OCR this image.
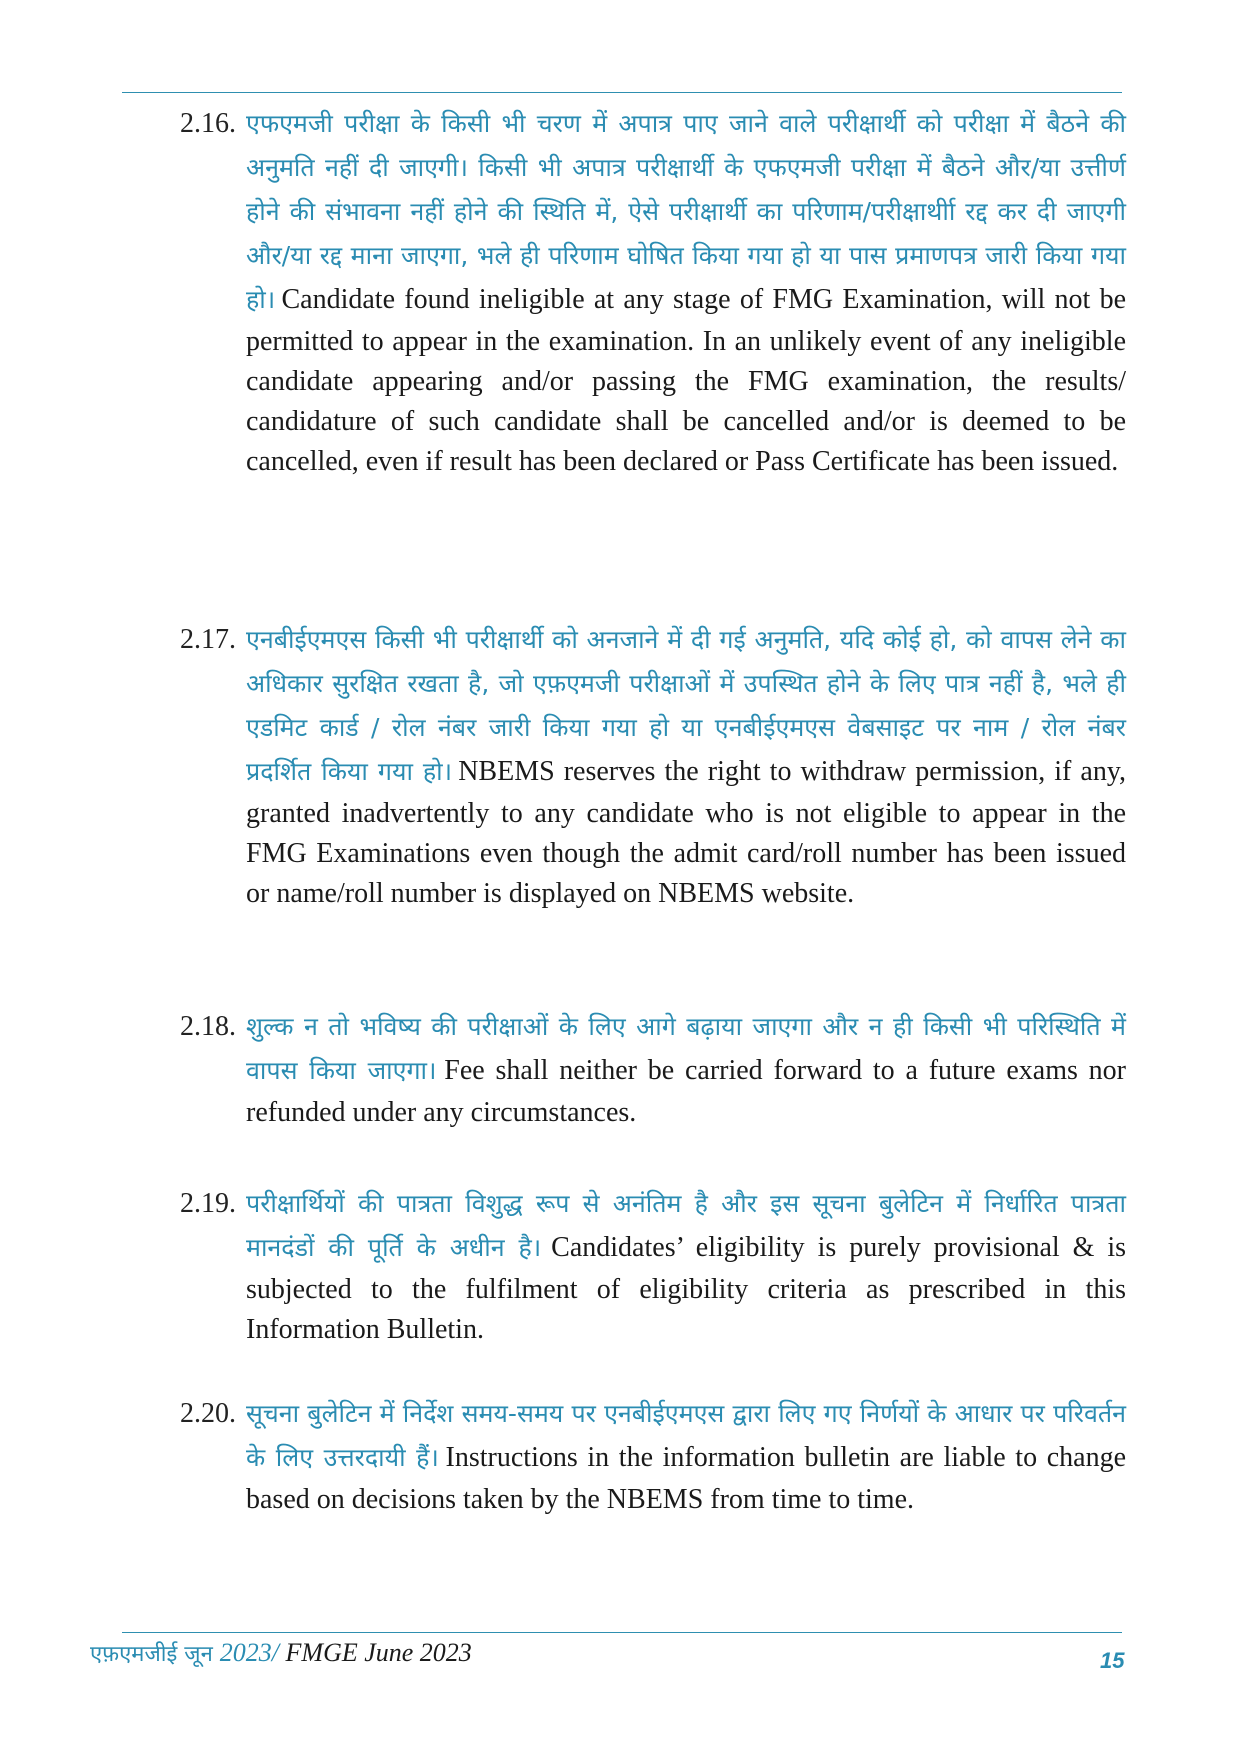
2.16. एफएमजी परीक्षा के किसी भी चरण में अपात्र पाए जाने वाले परीक्षार्थी को परीक्षा में बैठने की अनुमति नहीं दी जाएगी। किसी भी अपात्र परीक्षार्थी के एफएमजी परीक्षा में बैठने और/या उत्तीर्ण होने की संभावना नहीं होने की स्थिति में, ऐसे परीक्षार्थी का परिणाम/परीक्षार्थीा रद्द कर दी जाएगी और/या रद्द माना जाएगा, भले ही परिणाम घोषित किया गया हो या पास प्रमाणपत्र जारी किया गया हो। Candidate found ineligible at any stage of FMG Examination, will not be permitted to appear in the examination. In an unlikely event of any ineligible candidate appearing and/or passing the FMG examination, the results/ candidature of such candidate shall be cancelled and/or is deemed to be cancelled, even if result has been declared or Pass Certificate has been issued.
2.17. एनबीईएमएस किसी भी परीक्षार्थी को अनजाने में दी गई अनुमति, यदि कोई हो, को वापस लेने का अधिकार सुरक्षित रखता है, जो एफ़एमजी परीक्षाओं में उपस्थित होने के लिए पात्र नहीं है, भले ही एडमिट कार्ड / रोल नंबर जारी किया गया हो या एनबीईएमएस वेबसाइट पर नाम / रोल नंबर प्रदर्शित किया गया हो। NBEMS reserves the right to withdraw permission, if any, granted inadvertently to any candidate who is not eligible to appear in the FMG Examinations even though the admit card/roll number has been issued or name/roll number is displayed on NBEMS website.
2.18. शुल्क न तो भविष्य की परीक्षाओं के लिए आगे बढ़ाया जाएगा और न ही किसी भी परिस्थिति में वापस किया जाएगा। Fee shall neither be carried forward to a future exams nor refunded under any circumstances.
2.19. परीक्षार्थियों की पात्रता विशुद्ध रूप से अनंतिम है और इस सूचना बुलेटिन में निर्धारित पात्रता मानदंडों की पूर्ति के अधीन है। Candidates’ eligibility is purely provisional & is subjected to the fulfilment of eligibility criteria as prescribed in this Information Bulletin.
2.20. सूचना बुलेटिन में निर्देश समय-समय पर एनबीईएमएस द्वारा लिए गए निर्णयों के आधार पर परिवर्तन के लिए उत्तरदायी हैं। Instructions in the information bulletin are liable to change based on decisions taken by the NBEMS from time to time.
एफ़एमजीई जून 2023/ FMGE June 2023	15
